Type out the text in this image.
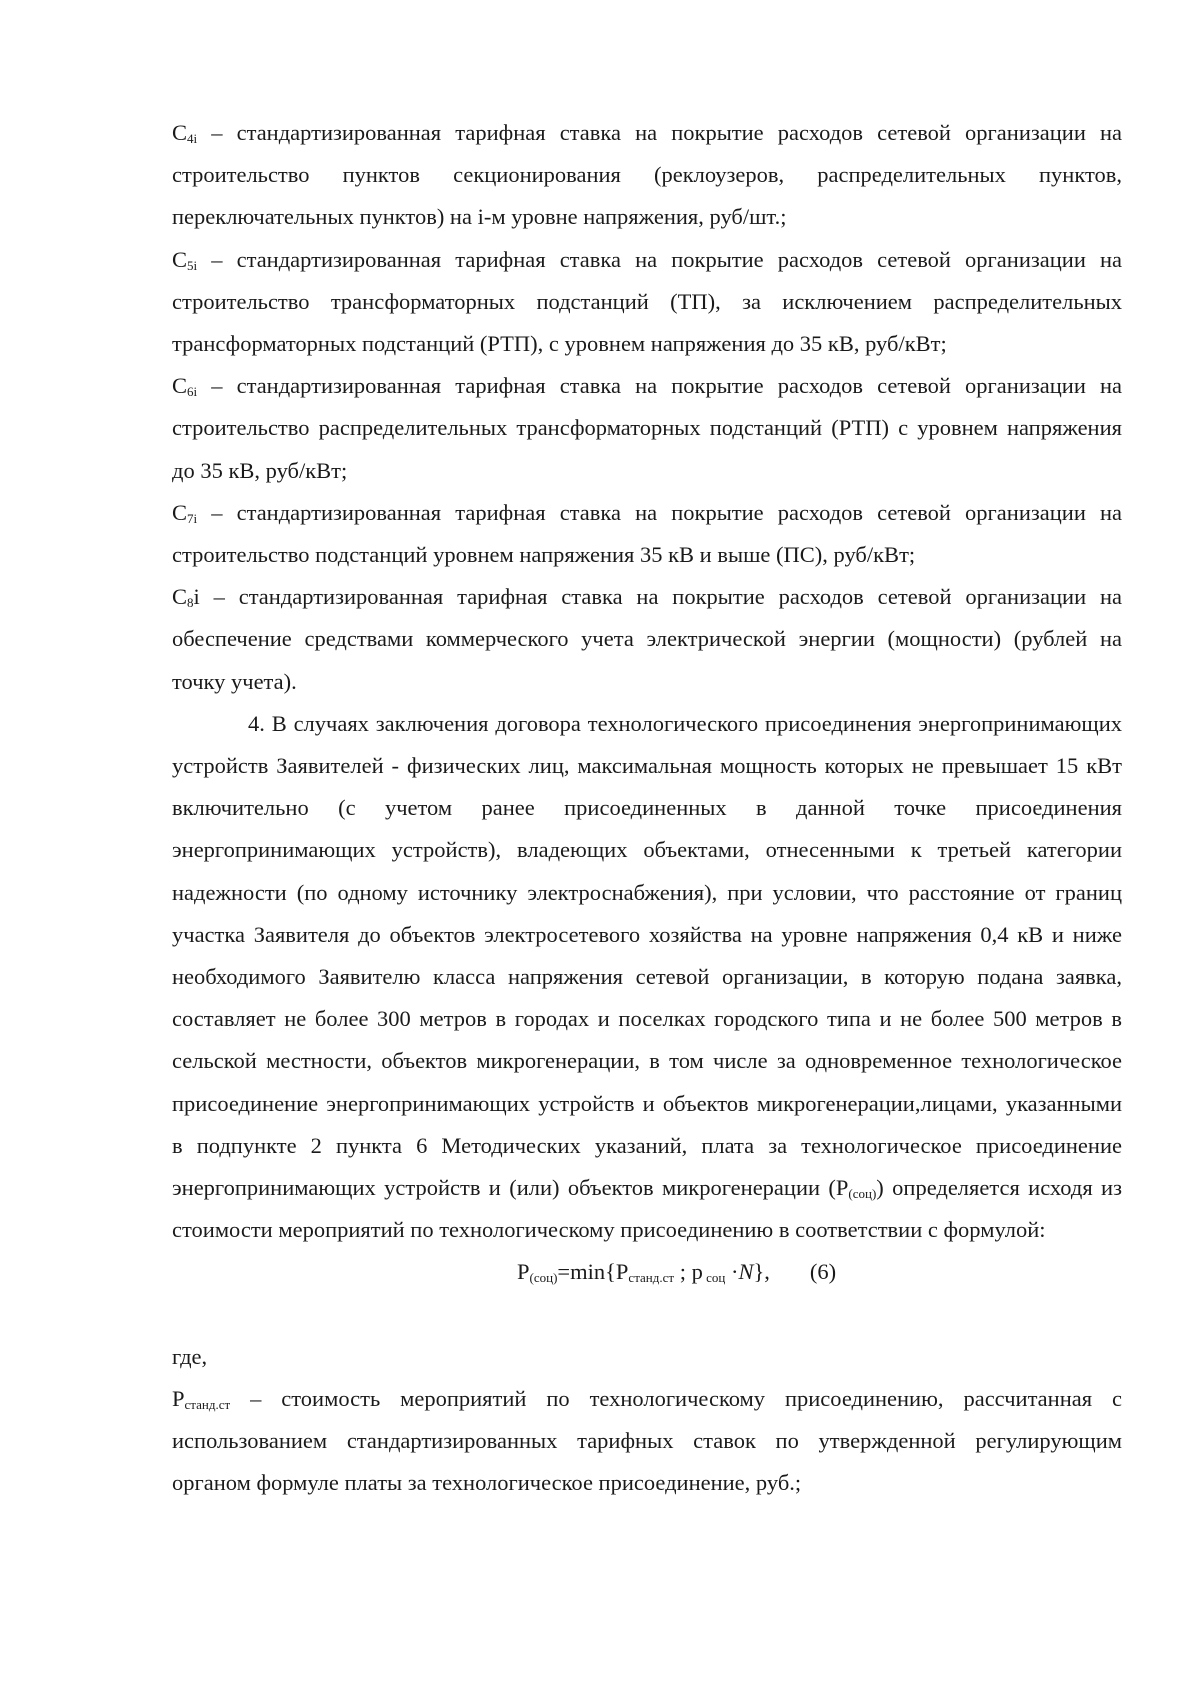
$C_{4i}$ – стандартизированная тарифная ставка на покрытие расходов сетевой организации на строительство пунктов секционирования (реклоузеров, распределительных пунктов, переключательных пунктов) на i-м уровне напряжения, руб/шт.;

$C_{5i}$ – стандартизированная тарифная ставка на покрытие расходов сетевой организации на строительство трансформаторных подстанций (ТП), за исключением распределительных трансформаторных подстанций (РТП), с уровнем напряжения до 35 кВ, руб/кВт;

$C_{6i}$ – стандартизированная тарифная ставка на покрытие расходов сетевой организации на строительство распределительных трансформаторных подстанций (РТП) с уровнем напряжения до 35 кВ, руб/кВт;

$C_{7i}$ – стандартизированная тарифная ставка на покрытие расходов сетевой организации на строительство подстанций уровнем напряжения 35 кВ и выше (ПС), руб/кВт;

$C_8i$ – стандартизированная тарифная ставка на покрытие расходов сетевой организации на обеспечение средствами коммерческого учета электрической энергии (мощности) (рублей на точку учета).

4. В случаях заключения договора технологического присоединения энергопринимающих устройств Заявителей - физических лиц, максимальная мощность которых не превышает 15 кВт включительно (с учетом ранее присоединенных в данной точке присоединения энергопринимающих устройств), владеющих объектами, отнесенными к третьей категории надежности (по одному источнику электроснабжения), при условии, что расстояние от границ участка Заявителя до объектов электросетевого хозяйства на уровне напряжения 0,4 кВ и ниже необходимого Заявителю класса напряжения сетевой организации, в которую подана заявка, составляет не более 300 метров в городах и поселках городского типа и не более 500 метров в сельской местности, объектов микрогенерации, в том числе за одновременное технологическое присоединение энергопринимающих устройств и объектов микрогенерации,лицами, указанными в подпункте 2 пункта 6 Методических указаний, плата за технологическое присоединение энергопринимающих устройств и (или) объектов микрогенерации $(P_{(соц)})$ определяется исходя из стоимости мероприятий по технологическому присоединению в соответствии с формулой:

$P_{(соц)}=\min\{P_{станд.ст}$ ; p $_{соц}$ ·N}, (6)

где,

$P_{станд.ст}$ – стоимость мероприятий по технологическому присоединению, рассчитанная с использованием стандартизированных тарифных ставок по утвержденной регулирующим органом формуле платы за технологическое присоединение, руб.;
